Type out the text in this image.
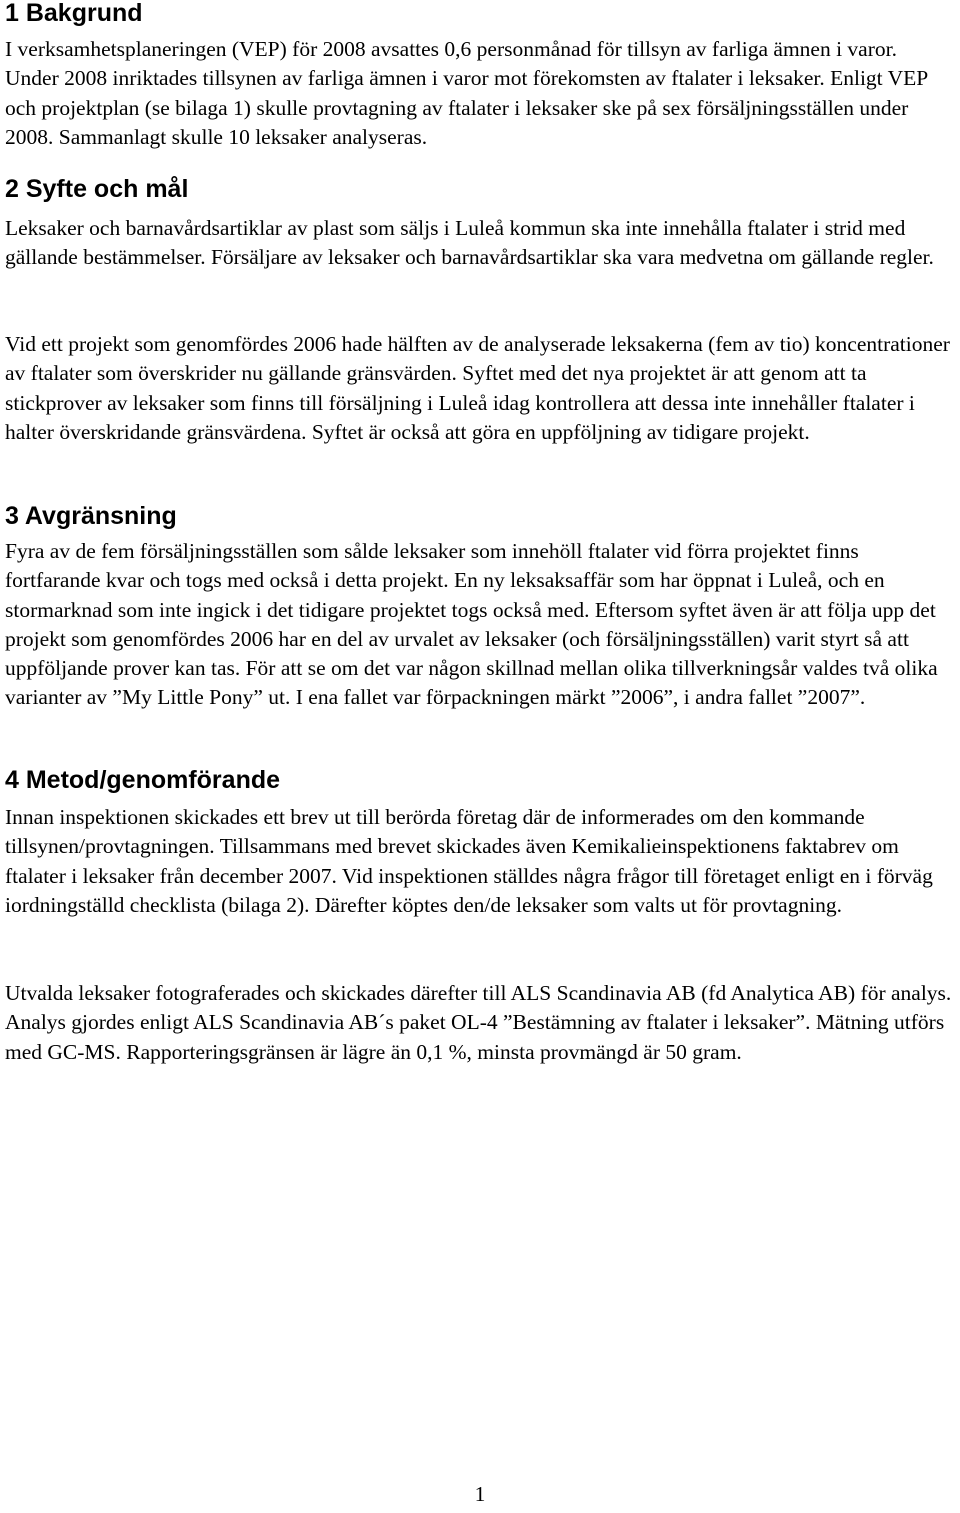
1 Bakgrund

I verksamhetsplaneringen (VEP) för 2008 avsattes 0,6 personmånad för tillsyn av farliga ämnen i varor. Under 2008 inriktades tillsynen av farliga ämnen i varor mot förekomsten av ftalater i leksaker. Enligt VEP och projektplan (se bilaga 1) skulle provtagning av ftalater i leksaker ske på sex försäljningsställen under 2008. Sammanlagt skulle 10 leksaker analyseras.

2 Syfte och mål

Leksaker och barnavårdsartiklar av plast som säljs i Luleå kommun ska inte innehålla ftalater i strid med gällande bestämmelser. Försäljare av leksaker och barnavårdsartiklar ska vara medvetna om gällande regler.

Vid ett projekt som genomfördes 2006 hade hälften av de analyserade leksakerna (fem av tio) koncentrationer av ftalater som överskrider nu gällande gränsvärden. Syftet med det nya projektet är att genom att ta stickprover av leksaker som finns till försäljning i Luleå idag kontrollera att dessa inte innehåller ftalater i halter överskridande gränsvärdena. Syftet är också att göra en uppföljning av tidigare projekt.

3 Avgränsning

Fyra av de fem försäljningsställen som sålde leksaker som innehöll ftalater vid förra projektet finns fortfarande kvar och togs med också i detta projekt. En ny leksaksaffär som har öppnat i Luleå, och en stormarknad som inte ingick i det tidigare projektet togs också med. Eftersom syftet även är att följa upp det projekt som genomfördes 2006 har en del av urvalet av leksaker (och försäljningsställen) varit styrt så att uppföljande prover kan tas. För att se om det var någon skillnad mellan olika tillverkningsår valdes två olika varianter av ”My Little Pony” ut. I ena fallet var förpackningen märkt ”2006”, i andra fallet ”2007”.

4 Metod/genomförande

Innan inspektionen skickades ett brev ut till berörda företag där de informerades om den kommande tillsynen/provtagningen. Tillsammans med brevet skickades även Kemikalieinspektionens faktabrev om ftalater i leksaker från december 2007. Vid inspektionen ställdes några frågor till företaget enligt en i förväg iordningställd checklista (bilaga 2). Därefter köptes den/de leksaker som valts ut för provtagning.

Utvalda leksaker fotograferades och skickades därefter till ALS Scandinavia AB (fd Analytica AB) för analys. Analys gjordes enligt ALS Scandinavia AB´s paket OL-4 ”Bestämning av ftalater i leksaker”. Mätning utförs med GC-MS. Rapporteringsgränsen är lägre än 0,1 %, minsta provmängd är 50 gram.

1
